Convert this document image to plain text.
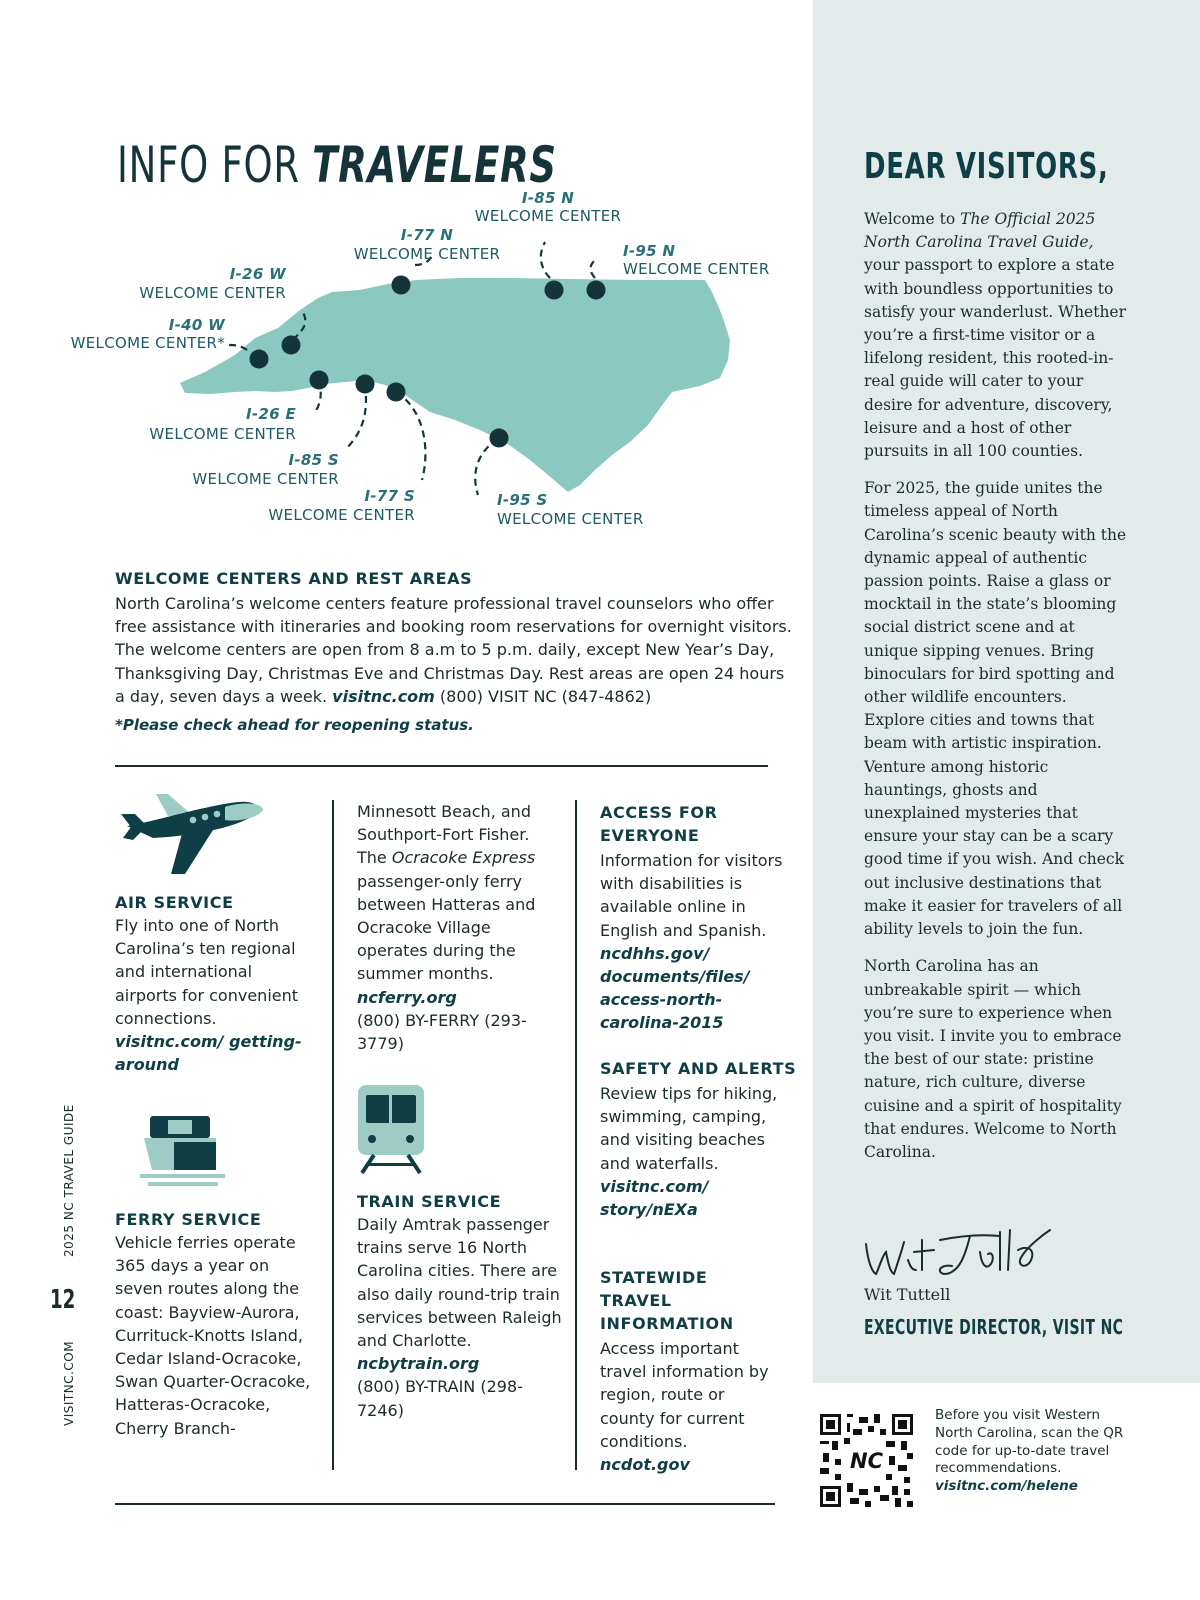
INFO FOR TRAVELERS
I-85 N
WELCOME CENTER
I-77 N
WELCOME CENTER	I-95 N
WELCOME CENTER
I-26 W
WELCOME CENTER
I-40 W
WELCOME CENTER*
I-26 E
WELCOME CENTER
I-85 S
WELCOME CENTER
I-77 S
WELCOME CENTER
I-95 S
WELCOME CENTER
WELCOME CENTERS AND REST AREAS

North Carolina’s welcome centers feature professional travel counselors who offer free assistance with itineraries and booking room reservations for overnight visitors. The welcome centers are open from 8 a.m to 5 p.m. daily, except New Year’s Day, Thanksgiving Day, Christmas Eve and Christmas Day. Rest areas are open 24 hours a day, seven days a week. visitnc.com (800) VISIT NC (847-4862)

*Please check ahead for reopening status.

AIR SERVICE

Fly into one of North Carolina’s ten regional and international airports for convenient connections.

visitnc.com/ getting-around

FERRY SERVICE

Vehicle ferries operate 365 days a year on seven routes along the coast: Bayview-Aurora, Currituck-Knotts Island, Cedar Island-Ocracoke, Swan Quarter-Ocracoke, Hatteras-Ocracoke, Cherry Branch-

Minnesott Beach, and Southport-Fort Fisher. The Ocracoke Express passenger-only ferry between Hatteras and Ocracoke Village operates during the summer months.

ncferry.org

(800) BY-FERRY (293-3779)

TRAIN SERVICE

Daily Amtrak passenger trains serve 16 North Carolina cities. There are also daily round-trip train services between Raleigh and Charlotte.

ncbytrain.org

(800) BY-TRAIN (298-7246)

ACCESS FOR EVERYONE

Information for visitors with disabilities is available online in English and Spanish.

ncdhhs.gov/ documents/files/ access-north-carolina-2015

SAFETY AND ALERTS

Review tips for hiking, swimming, camping, and visiting beaches and waterfalls.

visitnc.com/ story/nEXa

STATEWIDE TRAVEL INFORMATION

Access important travel information by region, route or county for current conditions.

ncdot.gov

2025 NC TRAVEL GUIDE
12
VISITNC.COM
DEAR VISITORS,

Welcome to The Official 2025 North Carolina Travel Guide, your passport to explore a state with boundless opportunities to satisfy your wanderlust. Whether you’re a first-time visitor or a lifelong resident, this rooted-in-real guide will cater to your desire for adventure, discovery, leisure and a host of other pursuits in all 100 counties.

For 2025, the guide unites the timeless appeal of North Carolina’s scenic beauty with the dynamic appeal of authentic passion points. Raise a glass or mocktail in the state’s blooming social district scene and at unique sipping venues. Bring binoculars for bird spotting and other wildlife encounters. Explore cities and towns that beam with artistic inspiration. Venture among historic hauntings, ghosts and unexplained mysteries that ensure your stay can be a scary good time if you wish. And check out inclusive destinations that make it easier for travelers of all ability levels to join the fun.

North Carolina has an unbreakable spirit — which you’re sure to experience when you visit. I invite you to embrace the best of our state: pristine nature, rich culture, diverse cuisine and a spirit of hospitality that endures. Welcome to North Carolina.

Wit Tuttell
EXECUTIVE DIRECTOR, VISIT NC
NC

Before you visit Western North Carolina, scan the QR code for up-to-date travel recommendations.
visitnc.com/helene
